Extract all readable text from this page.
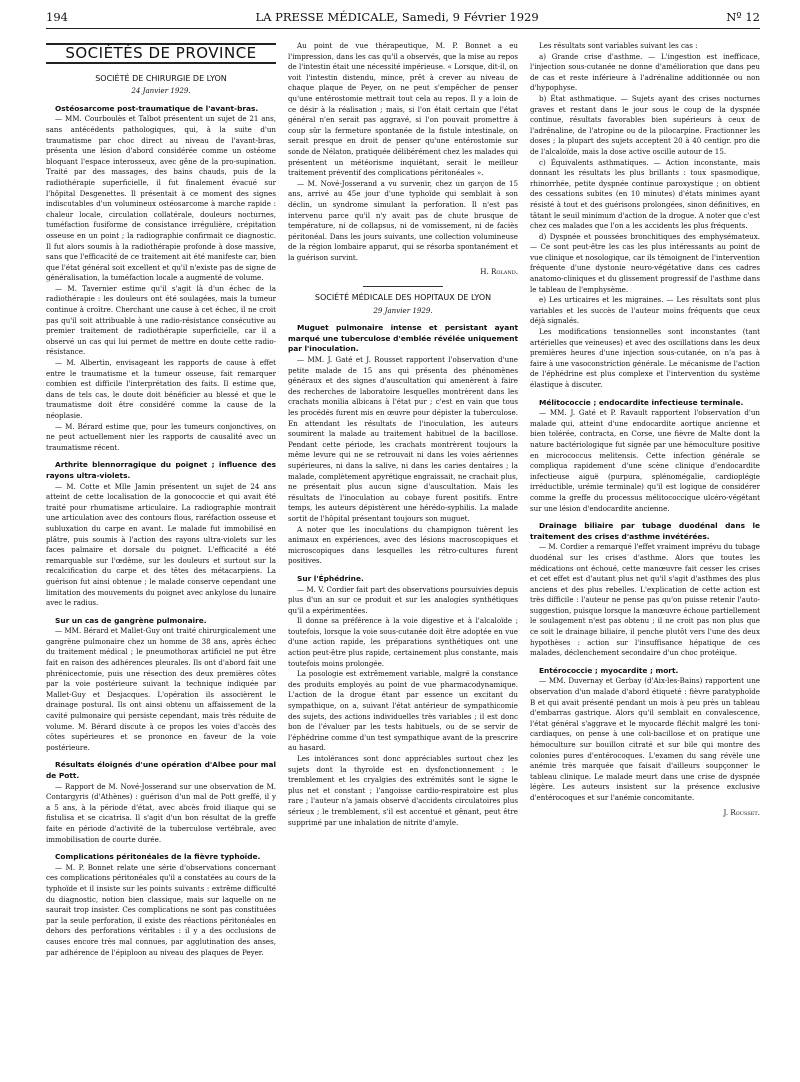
194	LA PRESSE MÉDICALE, Samedi, 9 Février 1929	Nº 12
SOCIÉTÉS DE PROVINCE
SOCIÉTÉ DE CHIRURGIE DE LYON
24 Janvier 1929.
Ostéosarcome post-traumatique de l'avant-bras.

— MM. Courboulès et Talbot présentent un sujet de 21 ans, sans antécédents pathologiques, qui, à la suite d'un traumatisme par choc direct au niveau de l'avant-bras, présenta une lésion d'abord considérée comme un ostéome bloquant l'espace interosseux, avec gêne de la pro-supination. Traité par des massages, des bains chauds, puis de la radiothérapie superficielle, il fut finalement évacué sur l'hôpital Desgenettes. Il présentait à ce moment des signes indiscutables d'un volumineux ostéosarcome à marche rapide : chaleur locale, circulation collatérale, douleurs nocturnes, tuméfaction fusiforme de consistance irrégulière, crépitation osseuse en un point ; la radiographie confirmait ce diagnostic. Il fut alors soumis à la radiothérapie profonde à dose massive, sans que l'efficacité de ce traitement ait été manifeste car, bien que l'état général soit excellent et qu'il n'existe pas de signe de généralisation, la tuméfaction locale a augmenté de volume.

— M. Tavernier estime qu'il s'agit là d'un échec de la radiothérapie : les douleurs ont été soulagées, mais la tumeur continue à croître. Cherchant une cause à cet échec, il ne croit pas qu'il soit attribuable à une radio-résistance consécutive au premier traitement de radiothérapie superficielle, car il a observé un cas qui lui permet de mettre en doute cette radio-résistance.

— M. Albertin, envisageant les rapports de cause à effet entre le traumatisme et la tumeur osseuse, fait remarquer combien est difficile l'interprétation des faits. Il estime que, dans de tels cas, le doute doit bénéficier au blessé et que le traumatisme doit être considéré comme la cause de la néoplasie.

— M. Bérard estime que, pour les tumeurs conjonctives, on ne peut actuellement nier les rapports de causalité avec un traumatisme récent.

Arthrite blennorragique du poignet ; influence des rayons ultra-violets.

— M. Cotte et Mlle Jamin présentent un sujet de 24 ans atteint de cette localisation de la gonococcie et qui avait été traité pour rhumatisme articulaire. La radiographie montrait une articulation avec des contours flous, raréfaction osseuse et subluxation du carpe en avant. Le malade fut immobilisé en plâtre, puis soumis à l'action des rayons ultra-violets sur les faces palmaire et dorsale du poignet. L'efficacité a été remarquable sur l'œdème, sur les douleurs et surtout sur la recalcification du carpe et des têtes des métacarpiens. La guérison fut ainsi obtenue ; le malade conserve cependant une limitation des mouvements du poignet avec ankylose du lunaire avec le radius.

Sur un cas de gangrène pulmonaire.

— MM. Bérard et Mallet-Guy ont traité chirurgicalement une gangrène pulmonaire chez un homme de 38 ans, après échec du traitement médical ; le pneumothorax artificiel ne put être fait en raison des adhérences pleurales. Ils ont d'abord fait une phrénicectomie, puis une résection des deux premières côtes par la voie postérieure suivant la technique indiquée par Mallet-Guy et Desjacques. L'opération ils associèrent le drainage postural. Ils ont ainsi obtenu un affaissement de la cavité pulmonaire qui persiste cependant, mais très réduite de volume. M. Bérard discute à ce propos les voies d'accès des côtes supérieures et se prononce en faveur de la voie postérieure.

Résultats éloignés d'une opération d'Albee pour mal de Pott.

— Rapport de M. Nové-Josserand sur une observation de M. Contargyris (d'Athènes) : guérison d'un mal de Pott greffé, il y a 5 ans, à la période d'état, avec abcès froid iliaque qui se fistulisa et se cicatrisa. Il s'agit d'un bon résultat de la greffe faite en période d'activité de la tuberculose vertébrale, avec immobilisation de courte durée.

Complications péritonéales de la fièvre typhoïde.

— M. P. Bonnet relate une série d'observations concernant ces complications péritonéales qu'il a constatées au cours de la typhoïde et il insiste sur les points suivants : extrême difficulté du diagnostic, notion bien classique, mais sur laquelle on ne saurait trop insister. Ces complications ne sont pas constituées par la seule perforation, il existe des réactions péritonéales en dehors des perforations véritables : il y a des occlusions de causes encore très mal connues, par agglutination des anses, par adhérence de l'épiploon au niveau des plaques de Peyer.

Au point de vue thérapeutique, M. P. Bonnet a eu l'impression, dans les cas qu'il a observés, que la mise au repos de l'intestin était une nécessité impérieuse. « Lorsque, dit-il, on voit l'intestin distendu, mince, prêt à crever au niveau de chaque plaque de Peyer, on ne peut s'empêcher de penser qu'une entérostomie mettrait tout cela au repos. Il y a loin de ce désir à la réalisation ; mais, si l'on était certain que l'état général n'en serait pas aggravé, si l'on pouvait promettre à coup sûr la fermeture spontanée de la fistule intestinale, on serait presque en droit de penser qu'une entérostomie sur sonde de Nélaton, pratiquée délibérément chez les malades qui présentent un météorisme inquiétant, serait le meilleur traitement préventif des complications péritonéales ».

— M. Nové-Josserand a vu survenir, chez un garçon de 15 ans, arrivé au 45e jour d'une typhoïde qui semblait à son déclin, un syndrome simulant la perforation. Il n'est pas intervenu parce qu'il n'y avait pas de chute brusque de température, ni de collapsus, ni de vomissement, ni de faciès péritonéal. Dans les jours suivants, une collection volumineuse de la région lombaire apparut, qui se résorba spontanément et la guérison survint.

H. Roland.
SOCIÉTÉ MÉDICALE DES HOPITAUX DE LYON
29 Janvier 1929.
Muguet pulmonaire intense et persistant ayant marqué une tuberculose d'emblée révélée uniquement par l'inoculation.

— MM. J. Gaté et J. Rousset rapportent l'observation d'une petite malade de 15 ans qui présenta des phénomènes généraux et des signes d'auscultation qui amenèrent à faire des recherches de laboratoire lesquelles montrèrent dans les crachats monilia albicans à l'état pur ; c'est en vain que tous les procédés furent mis en œuvre pour dépister la tuberculose. En attendant les résultats de l'inoculation, les auteurs soumirent la malade au traitement habituel de la bacillose. Pendant cette période, les crachats montrèrent toujours la même levure qui ne se retrouvait ni dans les voies aériennes supérieures, ni dans la salive, ni dans les caries dentaires ; la malade, complètement apyrétique engraissait, ne crachait plus, ne présentait plus aucun signe d'auscultation. Mais les résultats de l'inoculation au cobaye furent positifs. Entre temps, les auteurs dépistèrent une hérédo-syphilis. La malade sortit de l'hôpital présentant toujours son muguet.

A noter que les inoculations du champignon tuèrent les animaux en expériences, avec des lésions macroscopiques et microscopiques dans lesquelles les rétro-cultures furent positives.

Sur l'Éphédrine.

— M. V. Cordier fait part des observations poursuivies depuis plus d'un an sur ce produit et sur les analogies synthétiques qu'il a expérimentées.

Il donne sa préférence à la voie digestive et à l'alcaloïde ; toutefois, lorsque la voie sous-cutanée doit être adoptée en vue d'une action rapide, les préparations synthétiques ont une action peut-être plus rapide, certainement plus constante, mais toutefois moins prolongée.

La posologie est extrêmement variable, malgré la constance des produits employés au point de vue pharmacodynamique. L'action de la drogue étant par essence un excitant du sympathique, on a, suivant l'état antérieur de sympathicomie des sujets, des actions individuelles très variables ; il est donc bon de l'évaluer par les tests habituels, ou de se servir de l'éphédrine comme d'un test sympathique avant de la prescrire au hasard.

Les intolérances sont donc appréciables surtout chez les sujets dont la thyroïde est en dysfonctionnement : le tremblement et les cryalgies des extrémités sont le signe le plus net et constant ; l'angoisse cardio-respiratoire est plus rare ; l'auteur n'a jamais observé d'accidents circulatoires plus sérieux ; le tremblement, s'il est accentué et gênant, peut être supprimé par une inhalation de nitrite d'amyle.

Les résultats sont variables suivant les cas :

a) Grande crise d'asthme. — L'ingestion est inefficace, l'injection sous-cutanée ne donne d'amélioration que dans peu de cas et reste inférieure à l'adrénaline additionnée ou non d'hypophyse.

b) État asthmatique. — Sujets ayant des crises nocturnes graves et restant dans le jour sous le coup de la dyspnée continue, résultats favorables bien supérieurs à ceux de l'adrénaline, de l'atropine ou de la pilocarpine. Fractionner les doses ; la plupart des sujets acceptent 20 à 40 centigr. pro die de l'alcaloïde, mais la dose active oscille autour de 15.

c) Équivalents asthmatiques. — Action inconstante, mais donnant les résultats les plus brillants : toux spasmodique, rhinorrhée, petite dyspnée continue paroxystique ; on obtient des cessations subites (en 10 minutes) d'états minimes ayant résisté à tout et des guérisons prolongées, sinon définitives, en tâtant le seuil minimum d'action de la drogue. A noter que c'est chez ces malades que l'on a les accidents les plus fréquents.

d) Dyspnée et poussées bronchitiques des emphysémateux. — Ce sont peut-être les cas les plus intéressants au point de vue clinique et nosologique, car ils témoignent de l'intervention fréquente d'une dystonie neuro-végétative dans ces cadres anatomo-cliniques et du glissement progressif de l'asthme dans le tableau de l'emphysème.

e) Les urticaires et les migraines. — Les résultats sont plus variables et les succès de l'auteur moins fréquents que ceux déjà signalés.

Les modifications tensionnelles sont inconstantes (tant artérielles que veineuses) et avec des oscillations dans les deux premières heures d'une injection sous-cutanée, on n'a pas à faire à une vasoconstriction générale. Le mécanisme de l'action de l'éphédrine est plus complexe et l'intervention du système élastique à discuter.

Mélitococcie ; endocardite infectieuse terminale.

— MM. J. Gaté et P. Ravault rapportent l'observation d'un malade qui, atteint d'une endocardite aortique ancienne et bien tolérée, contracta, en Corse, une fièvre de Malte dont la nature bactériologique fut signée par une hémoculture positive en micrococcus melitensis. Cette infection générale se compliqua rapidement d'une scène clinique d'endocardite infectieuse aiguë (purpura, splénomégalie, cardioplégie irréductible, urémie terminale) qu'il est logique de considérer comme la greffe du processus mélitococcique ulcéro-végétant sur une lésion d'endocardite ancienne.

Drainage biliaire par tubage duodénal dans le traitement des crises d'asthme invétérées.

— M. Cordier a remarqué l'effet vraiment imprévu du tubage duodénal sur les crises d'asthme. Alors que toutes les médications ont échoué, cette manœuvre fait cesser les crises et cet effet est d'autant plus net qu'il s'agit d'asthmes des plus anciens et des plus rebelles. L'explication de cette action est très difficile : l'auteur ne pense pas qu'on puisse retenir l'auto-suggestion, puisque lorsque la manœuvre échoue partiellement le soulagement n'est pas obtenu ; il ne croit pas non plus que ce soit le drainage biliaire, il penche plutôt vers l'une des deux hypothèses : action sur l'insuffisance hépatique de ces malades, déclenchement secondaire d'un choc protéique.

Entérococcie ; myocardite ; mort.

— MM. Duvernay et Gerbay (d'Aix-les-Bains) rapportent une observation d'un malade d'abord étiqueté : fièvre paratyphoïde B et qui avait présenté pendant un mois à peu près un tableau d'embarras gastrique. Alors qu'il semblait en convalescence, l'état général s'aggrave et le myocarde fléchit malgré les toni-cardiaques, on pense à une coli-bacillose et on pratique une hémoculture sur bouillon citraté et sur bile qui montre des colonies pures d'entérocoques. L'examen du sang révèle une anémie très marquée que faisait d'ailleurs soupçonner le tableau clinique. Le malade meurt dans une crise de dyspnée légère. Les auteurs insistent sur la présence exclusive d'entérocoques et sur l'anémie concomitante.

J. Rousset.
